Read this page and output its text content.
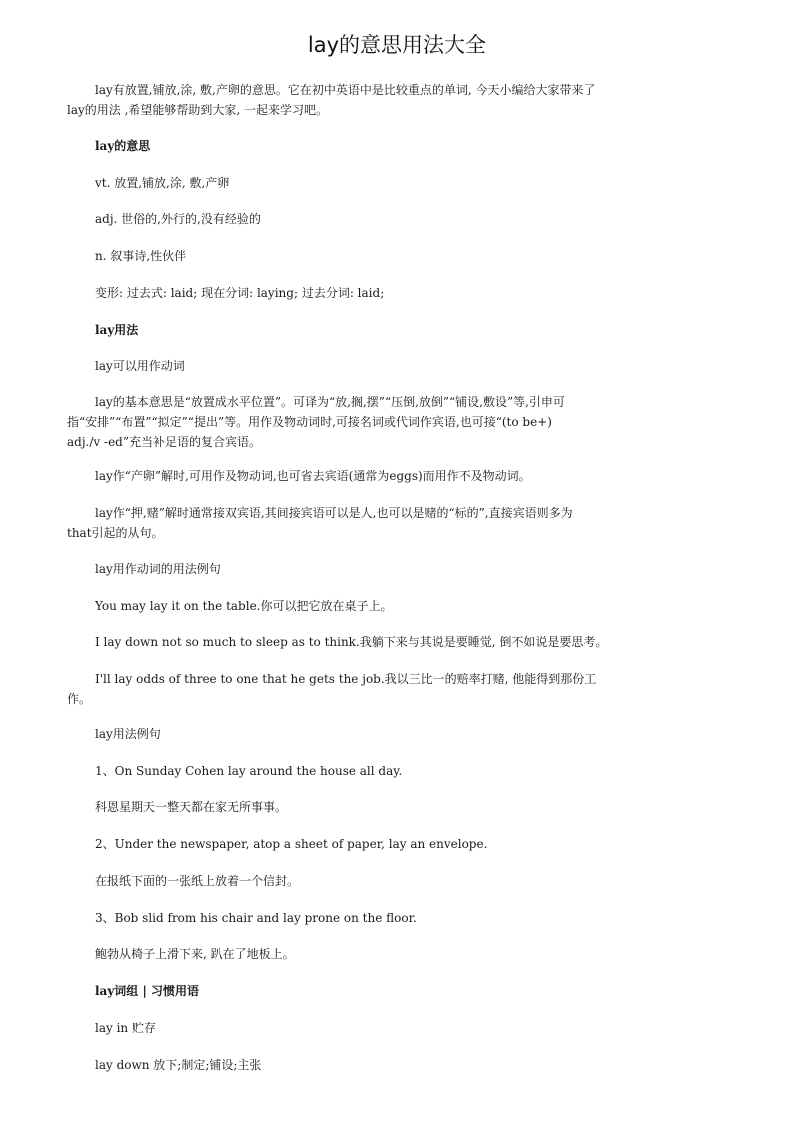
lay的意思用法大全
lay有放置,铺放,涂, 敷,产卵的意思。它在初中英语中是比较重点的单词, 今天小编给大家带来了
lay的用法 ,希望能够帮助到大家, 一起来学习吧。
lay的意思
vt. 放置,铺放,涂, 敷,产卵
adj. 世俗的,外行的,没有经验的
n. 叙事诗,性伙伴
变形: 过去式: laid; 现在分词: laying; 过去分词: laid;
lay用法
lay可以用作动词
lay的基本意思是“放置成水平位置”。可译为“放,搁,摆”“压倒,放倒”“铺设,敷设”等,引申可
指“安排”“布置”“拟定”“提出”等。用作及物动词时,可接名词或代词作宾语,也可接“(to be+)
adj./v -ed”充当补足语的复合宾语。
lay作“产卵”解时,可用作及物动词,也可省去宾语(通常为eggs)而用作不及物动词。
lay作“押,赌”解时通常接双宾语,其间接宾语可以是人,也可以是赌的“标的”,直接宾语则多为
that引起的从句。
lay用作动词的用法例句
You may lay it on the table.你可以把它放在桌子上。
I lay down not so much to sleep as to think.我躺下来与其说是要睡觉, 倒不如说是要思考。
I'll lay odds of three to one that he gets the job.我以三比一的赔率打赌, 他能得到那份工
作。
lay用法例句
1、On Sunday Cohen lay around the house all day.
科恩星期天一整天都在家无所事事。
2、Under the newspaper, atop a sheet of paper, lay an envelope.
在报纸下面的一张纸上放着一个信封。
3、Bob slid from his chair and lay prone on the floor.
鲍勃从椅子上滑下来, 趴在了地板上。
lay词组 | 习惯用语
lay in 贮存
lay down 放下;制定;铺设;主张
